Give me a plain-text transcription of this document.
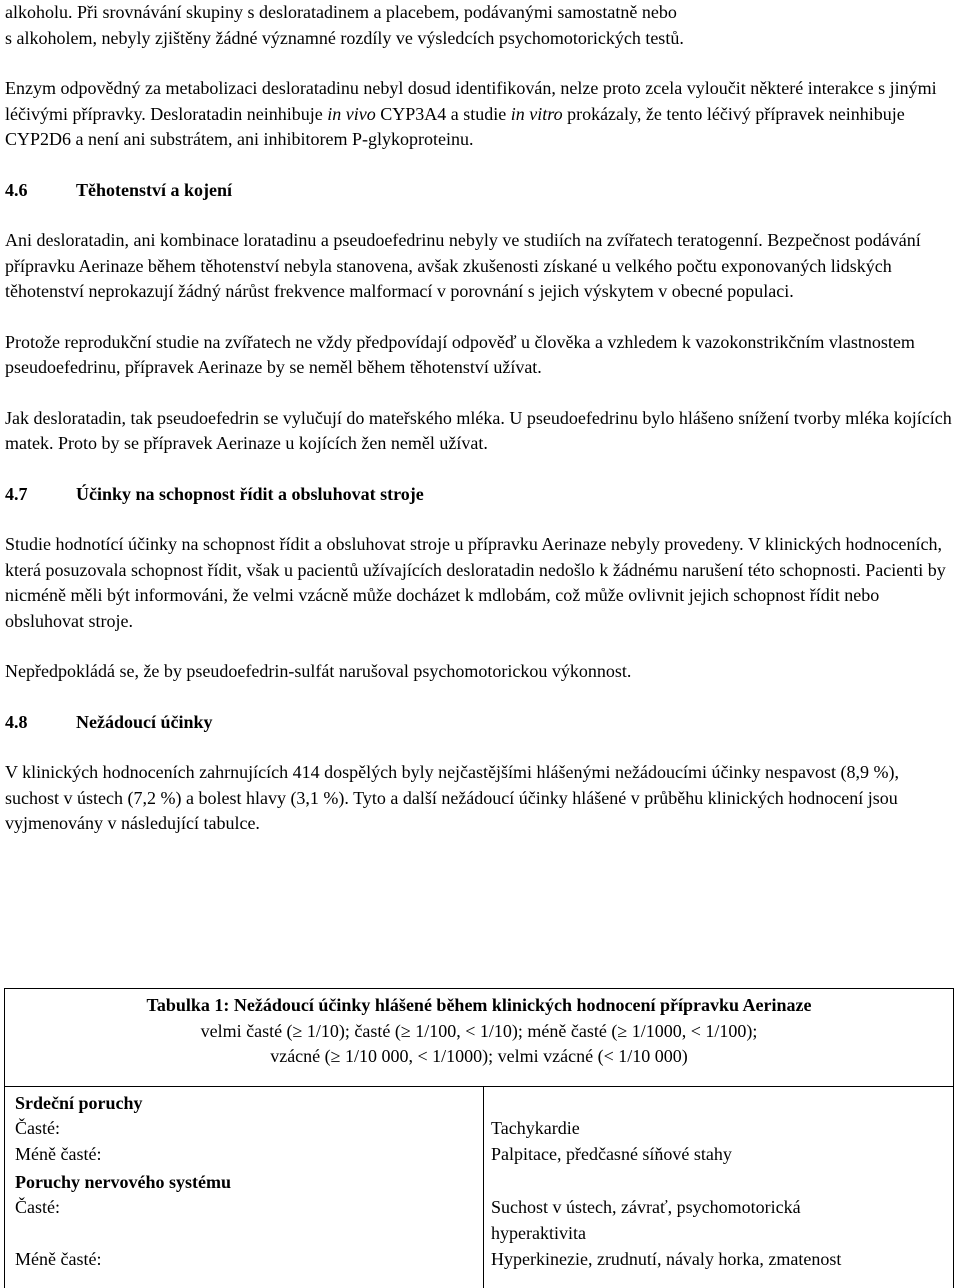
alkoholu. Při srovnávání skupiny s desloratadinem a placebem, podávanými samostatně nebo
s alkoholem, nebyly zjištěny žádné významné rozdíly ve výsledcích psychomotorických testů.

Enzym odpovědný za metabolizaci desloratadinu nebyl dosud identifikován, nelze proto zcela vyloučit některé interakce s jinými léčivými přípravky. Desloratadin neinhibuje in vivo CYP3A4 a studie in vitro prokázaly, že tento léčivý přípravek neinhibuje CYP2D6 a není ani substrátem, ani inhibitorem P-glykoproteinu.

4.6	Těhotenství a kojení

Ani desloratadin, ani kombinace loratadinu a pseudoefedrinu nebyly ve studiích na zvířatech teratogenní. Bezpečnost podávání přípravku Aerinaze během těhotenství nebyla stanovena, avšak zkušenosti získané u velkého počtu exponovaných lidských těhotenství neprokazují žádný nárůst frekvence malformací v porovnání s jejich výskytem v obecné populaci.

Protože reprodukční studie na zvířatech ne vždy předpovídají odpověď u člověka a vzhledem k vazokonstrikčním vlastnostem pseudoefedrinu, přípravek Aerinaze by se neměl během těhotenství užívat.

Jak desloratadin, tak pseudoefedrin se vylučují do mateřského mléka. U pseudoefedrinu bylo hlášeno snížení tvorby mléka kojících matek. Proto by se přípravek Aerinaze u kojících žen neměl užívat.

4.7	Účinky na schopnost řídit a obsluhovat stroje

Studie hodnotící účinky na schopnost řídit a obsluhovat stroje u přípravku Aerinaze nebyly provedeny. V klinických hodnoceních, která posuzovala schopnost řídit, však u pacientů užívajících desloratadin nedošlo k žádnému narušení této schopnosti. Pacienti by nicméně měli být informováni, že velmi vzácně může docházet k mdlobám, což může ovlivnit jejich schopnost řídit nebo obsluhovat stroje.

Nepředpokládá se, že by pseudoefedrin-sulfát narušoval psychomotorickou výkonnost.

4.8	Nežádoucí účinky

V klinických hodnoceních zahrnujících 414 dospělých byly nejčastějšími hlášenými nežádoucími účinky nespavost (8,9 %), suchost v ústech (7,2 %) a bolest hlavy (3,1 %). Tyto a další nežádoucí účinky hlášené v průběhu klinických hodnocení jsou vyjmenovány v následující tabulce.

Tabulka 1: Nežádoucí účinky hlášené během klinických hodnocení přípravku Aerinaze
velmi časté (≥ 1/10); časté (≥ 1/100, < 1/10); méně časté (≥ 1/1000, < 1/100);
vzácné (≥ 1/10 000, < 1/1000); velmi vzácné (< 1/10 000)
Srdeční poruchy
Časté:	Tachykardie
Méně časté:	Palpitace, předčasné síňové stahy
Poruchy nervového systému
Časté:	Suchost v ústech, závrať, psychomotorická hyperaktivita
Méně časté:	Hyperkinezie, zrudnutí, návaly horka, zmatenost
